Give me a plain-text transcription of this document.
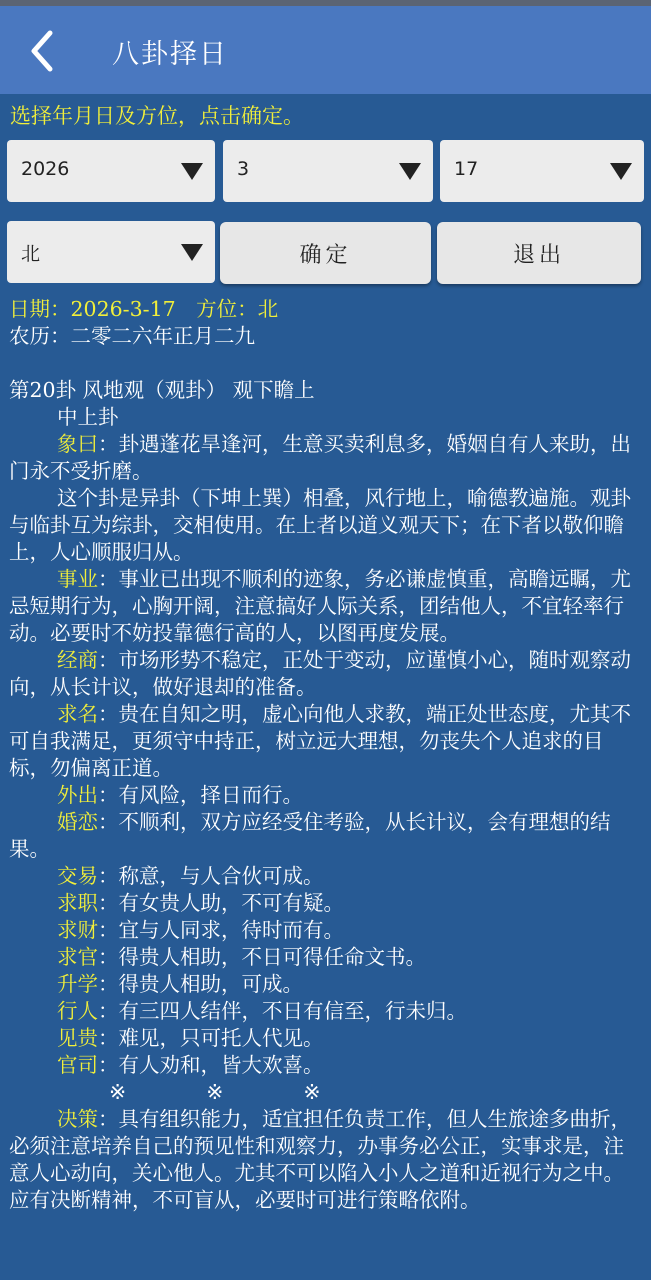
八卦择日
选择年月日及方位，点击确定。
2026	3	17
北	确定	退出
日期：2026-3-17　方位：北
农历：二零二六年正月二九
第20卦 风地观（观卦） 观下瞻上
中上卦
象曰：卦遇蓬花旱逢河，生意买卖利息多，婚姻自有人来助，出门永不受折磨。
这个卦是异卦（下坤上巽）相叠，风行地上，喻德教遍施。观卦与临卦互为综卦，交相使用。在上者以道义观天下；在下者以敬仰瞻上，人心顺服归从。
事业：事业已出现不顺利的迹象，务必谦虚慎重，高瞻远瞩，尤忌短期行为，心胸开阔，注意搞好人际关系，团结他人，不宜轻率行动。必要时不妨投靠德行高的人，以图再度发展。
经商：市场形势不稳定，正处于变动，应谨慎小心，随时观察动向，从长计议，做好退却的准备。
求名：贵在自知之明，虚心向他人求教，端正处世态度，尤其不可自我满足，更须守中持正，树立远大理想，勿丧失个人追求的目标，勿偏离正道。
外出：有风险，择日而行。
婚恋：不顺利，双方应经受住考验，从长计议，会有理想的结果。
交易：称意，与人合伙可成。
求职：有女贵人助，不可有疑。
求财：宜与人同求，待时而有。
求官：得贵人相助，不日可得任命文书。
升学：得贵人相助，可成。
行人：有三四人结伴，不日有信至，行未归。
见贵：难见，只可托人代见。
官司：有人劝和，皆大欢喜。
※	※	※
决策：具有组织能力，适宜担任负责工作，但人生旅途多曲折，必须注意培养自己的预见性和观察力，办事务必公正，实事求是，注意人心动向，关心他人。尤其不可以陷入小人之道和近视行为之中。应有决断精神，不可盲从，必要时可进行策略依附。
